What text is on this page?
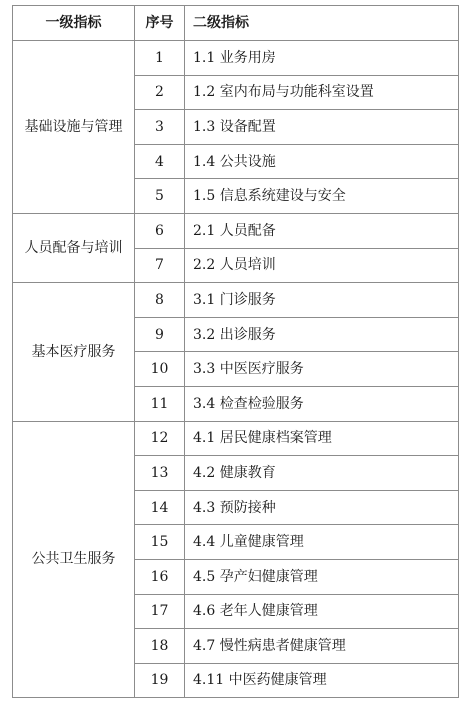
一级指标	序号	二级指标
基础设施与管理	1	1.1 业务用房
	2	1.2 室内布局与功能科室设置
	3	1.3 设备配置
	4	1.4 公共设施
	5	1.5 信息系统建设与安全
人员配备与培训	6	2.1 人员配备
	7	2.2 人员培训
基本医疗服务	8	3.1 门诊服务
	9	3.2 出诊服务
	10	3.3 中医医疗服务
	11	3.4 检查检验服务
公共卫生服务	12	4.1 居民健康档案管理
	13	4.2 健康教育
	14	4.3 预防接种
	15	4.4 儿童健康管理
	16	4.5 孕产妇健康管理
	17	4.6 老年人健康管理
	18	4.7 慢性病患者健康管理
	19	4.11 中医药健康管理
